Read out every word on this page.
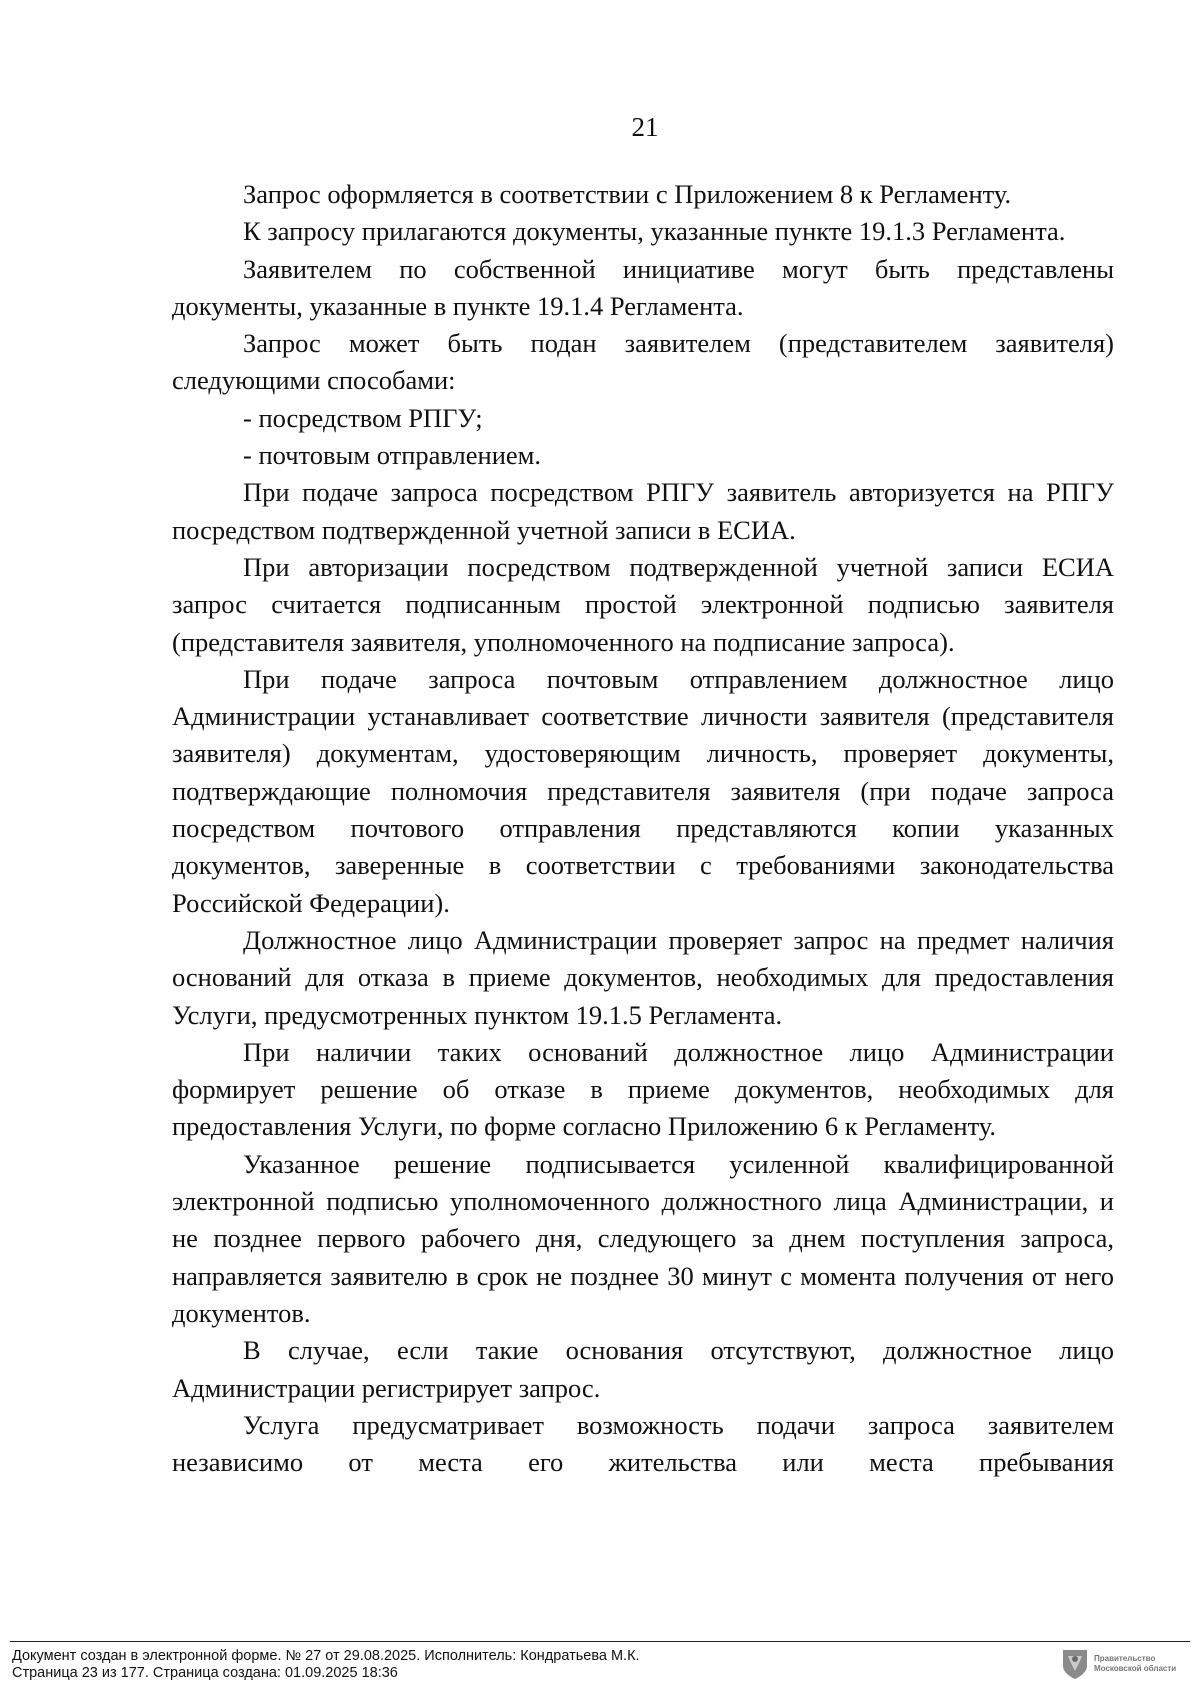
21

Запрос оформляется в соответствии с Приложением 8 к Регламенту.

К запросу прилагаются документы, указанные пункте 19.1.3 Регламента.

Заявителем по собственной инициативе могут быть представлены документы, указанные в пункте 19.1.4 Регламента.

Запрос может быть подан заявителем (представителем заявителя) следующими способами:

- посредством РПГУ;

- почтовым отправлением.

При подаче запроса посредством РПГУ заявитель авторизуется на РПГУ посредством подтвержденной учетной записи в ЕСИА.

При авторизации посредством подтвержденной учетной записи ЕСИА запрос считается подписанным простой электронной подписью заявителя (представителя заявителя, уполномоченного на подписание запроса).

При подаче запроса почтовым отправлением должностное лицо Администрации устанавливает соответствие личности заявителя (представителя заявителя) документам, удостоверяющим личность, проверяет документы, подтверждающие полномочия представителя заявителя (при подаче запроса посредством почтового отправления представляются копии указанных документов, заверенные в соответствии с требованиями законодательства Российской Федерации).

Должностное лицо Администрации проверяет запрос на предмет наличия оснований для отказа в приеме документов, необходимых для предоставления Услуги, предусмотренных пунктом 19.1.5 Регламента.

При наличии таких оснований должностное лицо Администрации формирует решение об отказе в приеме документов, необходимых для предоставления Услуги, по форме согласно Приложению 6 к Регламенту.

Указанное решение подписывается усиленной квалифицированной электронной подписью уполномоченного должностного лица Администрации, и не позднее первого рабочего дня, следующего за днем поступления запроса, направляется заявителю в срок не позднее 30 минут с момента получения от него документов.

В случае, если такие основания отсутствуют, должностное лицо Администрации регистрирует запрос.

Услуга предусматривает возможность подачи запроса заявителем независимо от места его жительства или места пребывания

Документ создан в электронной форме. № 27 от 29.08.2025. Исполнитель: Кондратьева М.К.
Страница 23 из 177. Страница создана: 01.09.2025 18:36
Правительство
Московской области
